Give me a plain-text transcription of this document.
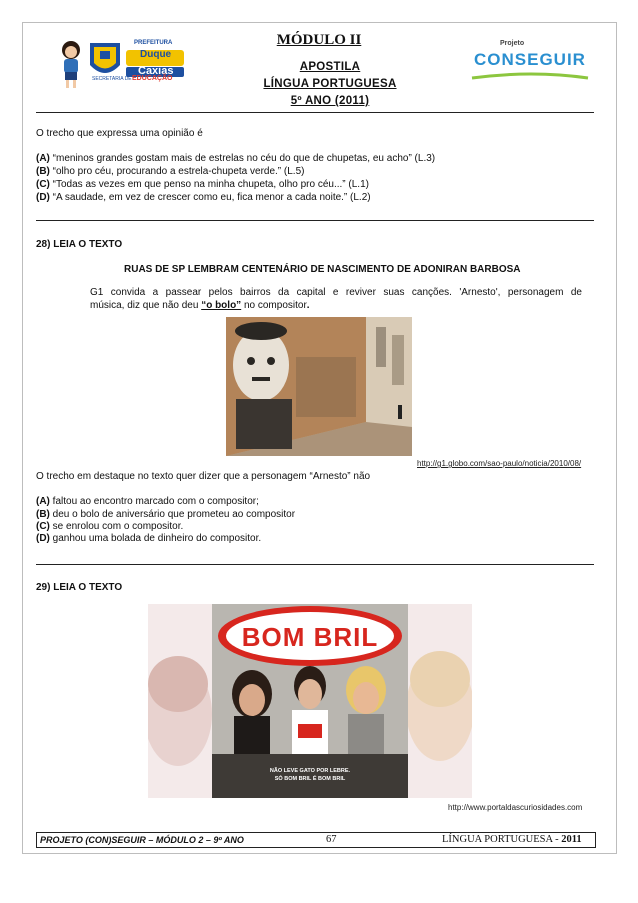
PREFEITURA
Duque
Caxias
SECRETARIA DE EDUCAÇÃO
MÓDULO II
APOSTILA
LÍNGUA PORTUGUESA
5º ANO (2011)
Projeto
CONSEGUIR
O trecho que expressa uma opinião é
(A) “meninos grandes gostam mais de estrelas no céu do que de chupetas, eu acho” (L.3)
(B) “olho pro céu, procurando a estrela-chupeta verde.” (L.5)
(C) “Todas as vezes em que penso na minha chupeta, olho pro céu...” (L.1)
(D) “A saudade, em vez de crescer como eu, fica menor a cada noite.” (L.2)
28) LEIA O TEXTO
RUAS DE SP LEMBRAM CENTENÁRIO DE NASCIMENTO DE ADONIRAN BARBOSA
G1 convida a passear pelos bairros da capital e reviver suas canções. 'Arnesto', personagem de
música, diz que não deu “o bolo” no compositor.
http://g1.globo.com/sao-paulo/noticia/2010/08/
O trecho em destaque no texto quer dizer que a personagem “Arnesto” não
(A) faltou ao encontro marcado com o compositor;
(B) deu o bolo de aniversário que prometeu ao compositor
(C) se enrolou com o compositor.
(D) ganhou uma bolada de dinheiro do compositor.
29) LEIA O TEXTO
BOM BRIL
NÃO LEVE GATO POR LEBRE.
SÓ BOM BRIL É BOM BRIL
http://www.portaldascuriosidades.com
PROJETO (CON)SEGUIR – MÓDULO 2 – 9º ANO	67	LÍNGUA PORTUGUESA - 2011
